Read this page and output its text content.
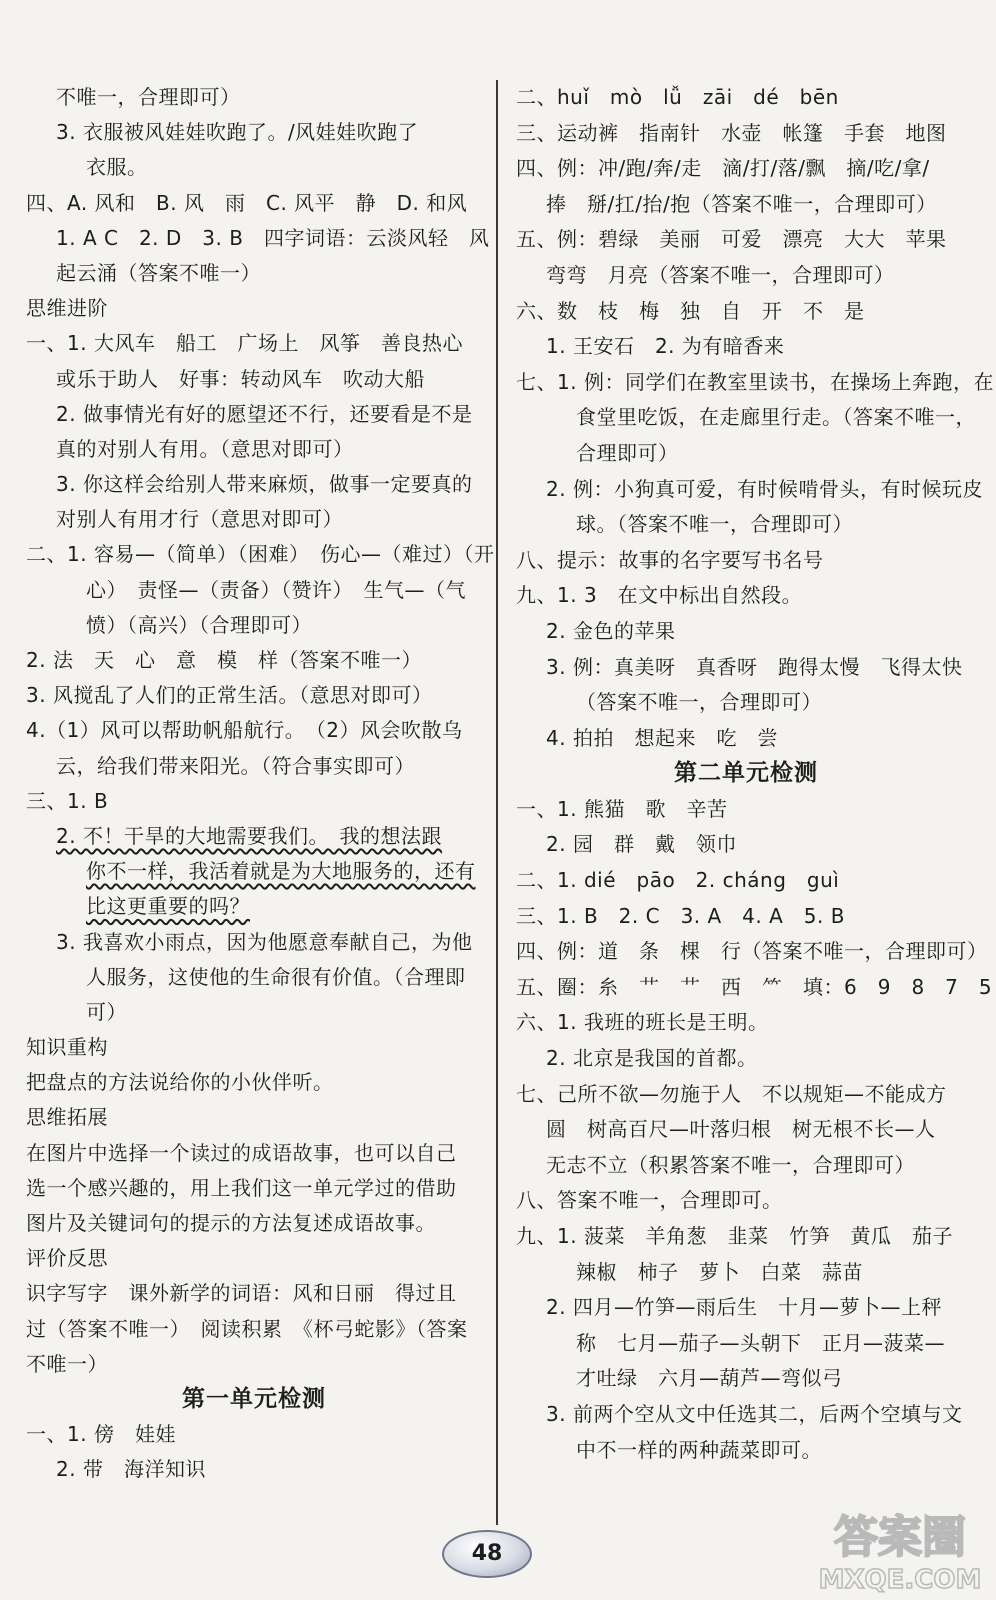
不唯一，合理即可）
3. 衣服被风娃娃吹跑了。/风娃娃吹跑了
衣服。
四、A. 风和　B. 风　雨　C. 风平　静　D. 和风
1. A C　2. D　3. B　四字词语：云淡风轻　风
起云涌（答案不唯一）
思维进阶
一、1. 大风车　船工　广场上　风筝　善良热心
或乐于助人　好事：转动风车　吹动大船
2. 做事情光有好的愿望还不行，还要看是不是
真的对别人有用。（意思对即可）
3. 你这样会给别人带来麻烦，做事一定要真的
对别人有用才行（意思对即可）
二、1. 容易—（简单）（困难）　伤心—（难过）（开
心）　责怪—（责备）（赞许）　生气—（气
愤）（高兴）（合理即可）
2. 法　天　心　意　模　样（答案不唯一）
3. 风搅乱了人们的正常生活。（意思对即可）
4.（1）风可以帮助帆船航行。　（2）风会吹散乌
云，给我们带来阳光。（符合事实即可）
三、1. B
2. 不！干旱的大地需要我们。　我的想法跟
你不一样，我活着就是为大地服务的，还有
比这更重要的吗？
3. 我喜欢小雨点，因为他愿意奉献自己，为他
人服务，这使他的生命很有价值。（合理即
可）
知识重构
把盘点的方法说给你的小伙伴听。
思维拓展
在图片中选择一个读过的成语故事，也可以自己
选一个感兴趣的，用上我们这一单元学过的借助
图片及关键词句的提示的方法复述成语故事。
评价反思
识字写字　课外新学的词语：风和日丽　得过且
过（答案不唯一）　阅读积累　《杯弓蛇影》（答案
不唯一）
第一单元检测
一、1. 傍　娃娃
2. 带　海洋知识
二、huǐ　mò　lǚ　zāi　dé　bēn
三、运动裤　指南针　水壶　帐篷　手套　地图
四、例：冲/跑/奔/走　滴/打/落/飘　摘/吃/拿/
捧　掰/扛/抬/抱（答案不唯一，合理即可）
五、例：碧绿　美丽　可爱　漂亮　大大　苹果
弯弯　月亮（答案不唯一，合理即可）
六、数　枝　梅　独　自　开　不　是
1. 王安石　2. 为有暗香来
七、1. 例：同学们在教室里读书，在操场上奔跑，在
食堂里吃饭，在走廊里行走。（答案不唯一，
合理即可）
2. 例：小狗真可爱，有时候啃骨头，有时候玩皮
球。（答案不唯一，合理即可）
八、提示：故事的名字要写书名号
九、1. 3　在文中标出自然段。
2. 金色的苹果
3. 例：真美呀　真香呀　跑得太慢　飞得太快
（答案不唯一，合理即可）
4. 拍拍　想起来　吃　尝
第二单元检测
一、1. 熊猫　歌　辛苦
2. 园　群　戴　领巾
二、1. dié　pāo　2. cháng　guì
三、1. B　2. C　3. A　4. A　5. B
四、例：道　条　棵　行（答案不唯一，合理即可）
五、圈：糸　艹　艹　西　⺮　填：6　9　8　7　5
六、1. 我班的班长是王明。
2. 北京是我国的首都。
七、己所不欲—勿施于人　不以规矩—不能成方
圆　树高百尺—叶落归根　树无根不长—人
无志不立（积累答案不唯一，合理即可）
八、答案不唯一，合理即可。
九、1. 菠菜　羊角葱　韭菜　竹笋　黄瓜　茄子
辣椒　柿子　萝卜　白菜　蒜苗
2. 四月—竹笋—雨后生　十月—萝卜—上秤
称　七月—茄子—头朝下　正月—菠菜—
才吐绿　六月—葫芦—弯似弓
3. 前两个空从文中任选其二，后两个空填与文
中不一样的两种蔬菜即可。
48	答案圈
MXQE.COM
